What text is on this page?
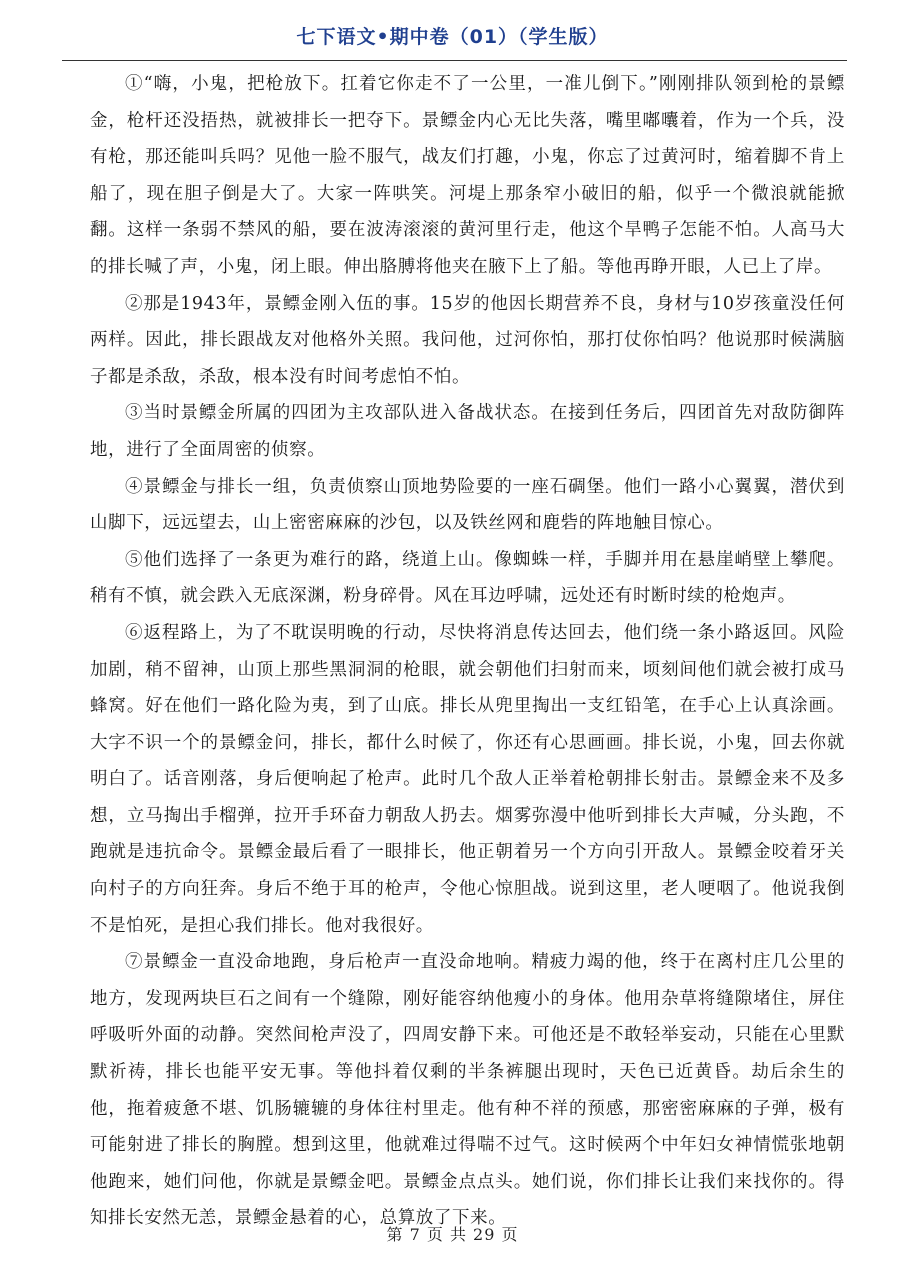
七下语文•期中卷（01）（学生版）

①“嗨，小鬼，把枪放下。扛着它你走不了一公里，一准儿倒下。”刚刚排队领到枪的景鳔金，枪杆还没捂热，就被排长一把夺下。景鳔金内心无比失落，嘴里嘟囔着，作为一个兵，没有枪，那还能叫兵吗？见他一脸不服气，战友们打趣，小鬼，你忘了过黄河时，缩着脚不肯上船了，现在胆子倒是大了。大家一阵哄笑。河堤上那条窄小破旧的船，似乎一个微浪就能掀翻。这样一条弱不禁风的船，要在波涛滚滚的黄河里行走，他这个旱鸭子怎能不怕。人高马大的排长喊了声，小鬼，闭上眼。伸出胳膊将他夹在腋下上了船。等他再睁开眼，人已上了岸。

②那是1943年，景鳔金刚入伍的事。15岁的他因长期营养不良，身材与10岁孩童没任何两样。因此，排长跟战友对他格外关照。我问他，过河你怕，那打仗你怕吗？他说那时候满脑子都是杀敌，杀敌，根本没有时间考虑怕不怕。

③当时景鳔金所属的四团为主攻部队进入备战状态。在接到任务后，四团首先对敌防御阵地，进行了全面周密的侦察。

④景鳔金与排长一组，负责侦察山顶地势险要的一座石碉堡。他们一路小心翼翼，潜伏到山脚下，远远望去，山上密密麻麻的沙包，以及铁丝网和鹿砦的阵地触目惊心。

⑤他们选择了一条更为难行的路，绕道上山。像蜘蛛一样，手脚并用在悬崖峭壁上攀爬。稍有不慎，就会跌入无底深渊，粉身碎骨。风在耳边呼啸，远处还有时断时续的枪炮声。

⑥返程路上，为了不耽误明晚的行动，尽快将消息传达回去，他们绕一条小路返回。风险加剧，稍不留神，山顶上那些黑洞洞的枪眼，就会朝他们扫射而来，顷刻间他们就会被打成马蜂窝。好在他们一路化险为夷，到了山底。排长从兜里掏出一支红铅笔，在手心上认真涂画。大字不识一个的景鳔金问，排长，都什么时候了，你还有心思画画。排长说，小鬼，回去你就明白了。话音刚落，身后便响起了枪声。此时几个敌人正举着枪朝排长射击。景鳔金来不及多想，立马掏出手榴弹，拉开手环奋力朝敌人扔去。烟雾弥漫中他听到排长大声喊，分头跑，不跑就是违抗命令。景鳔金最后看了一眼排长，他正朝着另一个方向引开敌人。景鳔金咬着牙关向村子的方向狂奔。身后不绝于耳的枪声，令他心惊胆战。说到这里，老人哽咽了。他说我倒不是怕死，是担心我们排长。他对我很好。

⑦景鳔金一直没命地跑，身后枪声一直没命地响。精疲力竭的他，终于在离村庄几公里的地方，发现两块巨石之间有一个缝隙，刚好能容纳他瘦小的身体。他用杂草将缝隙堵住，屏住呼吸听外面的动静。突然间枪声没了，四周安静下来。可他还是不敢轻举妄动，只能在心里默默祈祷，排长也能平安无事。等他抖着仅剩的半条裤腿出现时，天色已近黄昏。劫后余生的他，拖着疲惫不堪、饥肠辘辘的身体往村里走。他有种不祥的预感，那密密麻麻的子弹，极有可能射进了排长的胸膛。想到这里，他就难过得喘不过气。这时候两个中年妇女神情慌张地朝他跑来，她们问他，你就是景鳔金吧。景鳔金点点头。她们说，你们排长让我们来找你的。得知排长安然无恙，景鳔金悬着的心，总算放了下来。

第 7 页 共 29 页
